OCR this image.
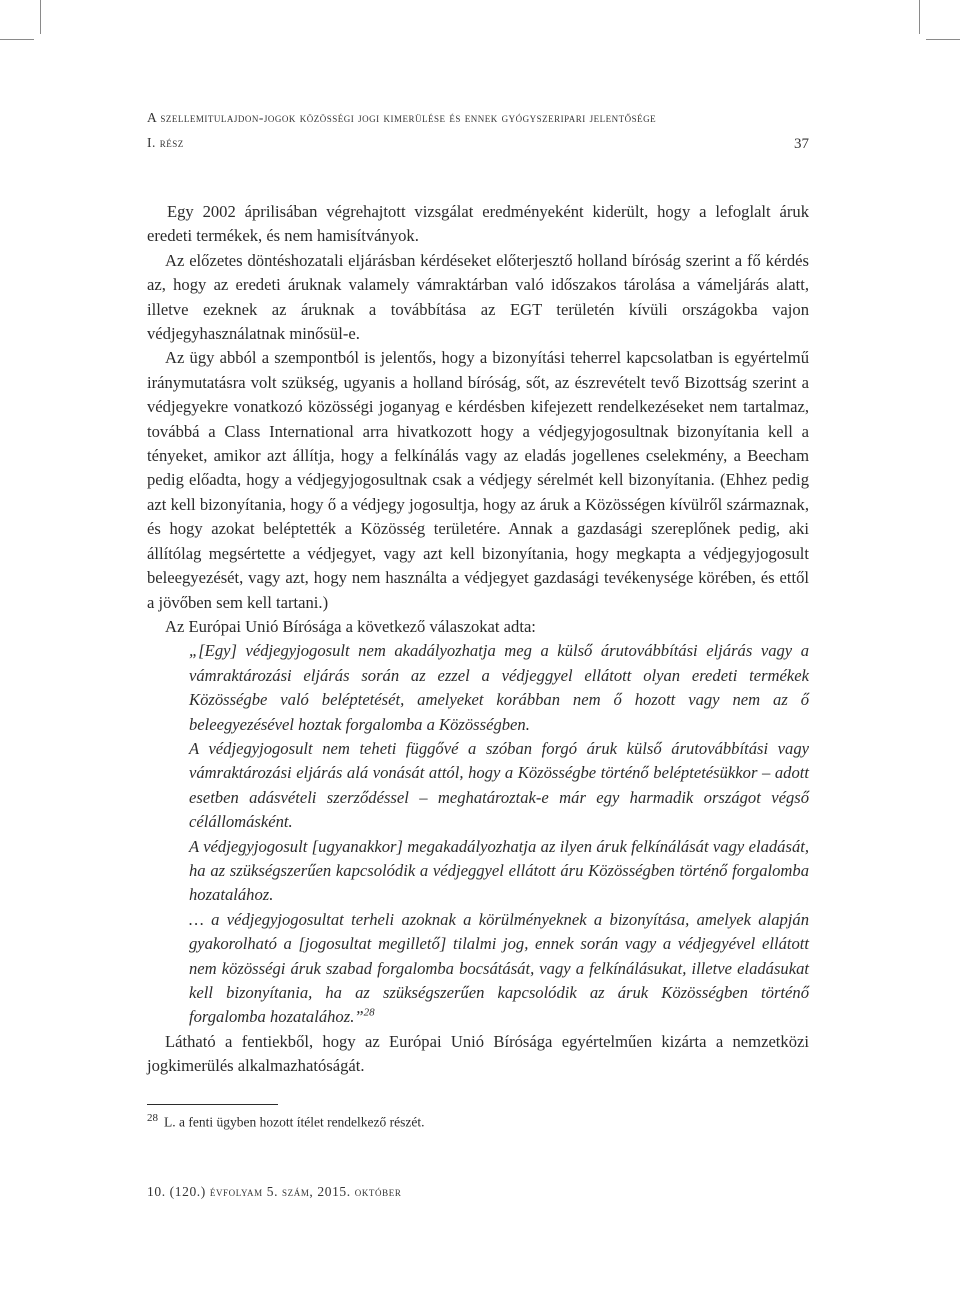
A szellemitulajdon-jogok közösségi jogi kimerülése és ennek gyógyszeripari jelentősége
I. rész	37

Egy 2002 áprilisában végrehajtott vizsgálat eredményeként kiderült, hogy a lefoglalt áruk eredeti termékek, és nem hamisítványok.

Az előzetes döntéshozatali eljárásban kérdéseket előterjesztő holland bíróság szerint a fő kérdés az, hogy az eredeti áruknak valamely vámraktárban való időszakos tárolása a vámeljárás alatt, illetve ezeknek az áruknak a továbbítása az EGT területén kívüli országokba vajon védjegyhasználatnak minősül-e.

Az ügy abból a szempontból is jelentős, hogy a bizonyítási teherrel kapcsolatban is egyértelmű iránymutatásra volt szükség, ugyanis a holland bíróság, sőt, az észrevételt tevő Bizottság szerint a védjegyekre vonatkozó közösségi joganyag e kérdésben kifejezett rendelkezéseket nem tartalmaz, továbbá a Class International arra hivatkozott hogy a védjegyjogosultnak bizonyítania kell a tényeket, amikor azt állítja, hogy a felkínálás vagy az eladás jogellenes cselekmény, a Beecham pedig előadta, hogy a védjegyjogosultnak csak a védjegy sérelmét kell bizonyítania. (Ehhez pedig azt kell bizonyítania, hogy ő a védjegy jogosultja, hogy az áruk a Közösségen kívülről származnak, és hogy azokat beléptették a Közösség területére. Annak a gazdasági szereplőnek pedig, aki állítólag megsértette a védjegyet, vagy azt kell bizonyítania, hogy megkapta a védjegyjogosult beleegyezését, vagy azt, hogy nem használta a védjegyet gazdasági tevékenysége körében, és ettől a jövőben sem kell tartani.)

Az Európai Unió Bírósága a következő válaszokat adta:

„[Egy] védjegyjogosult nem akadályozhatja meg a külső árutovábbítási eljárás vagy a vámraktározási eljárás során az ezzel a védjeggyel ellátott olyan eredeti termékek Közösségbe való beléptetését, amelyeket korábban nem ő hozott vagy nem az ő beleegyezésével hoztak forgalomba a Közösségben.

A védjegyjogosult nem teheti függővé a szóban forgó áruk külső árutovábbítási vagy vámraktározási eljárás alá vonását attól, hogy a Közösségbe történő beléptetésükkor – adott esetben adásvételi szerződéssel – meghatároztak-e már egy harmadik országot végső célállomásként.

A védjegyjogosult [ugyanakkor] megakadályozhatja az ilyen áruk felkínálását vagy eladását, ha az szükségszerűen kapcsolódik a védjeggyel ellátott áru Közösségben történő forgalomba hozatalához.

… a védjegyjogosultat terheli azoknak a körülményeknek a bizonyítása, amelyek alapján gyakorolható a [jogosultat megillető] tilalmi jog, ennek során vagy a védjegyével ellátott nem közösségi áruk szabad forgalomba bocsátását, vagy a felkínálásukat, illetve eladásukat kell bizonyítania, ha az szükségszerűen kapcsolódik az áruk Közösségben történő forgalomba hozatalához.”$^{28}$

Látható a fentiekből, hogy az Európai Unió Bírósága egyértelműen kizárta a nemzetközi jogkimerülés alkalmazhatóságát.

$^{28}$ L. a fenti ügyben hozott ítélet rendelkező részét.
10. (120.) évfolyam 5. szám, 2015. október
